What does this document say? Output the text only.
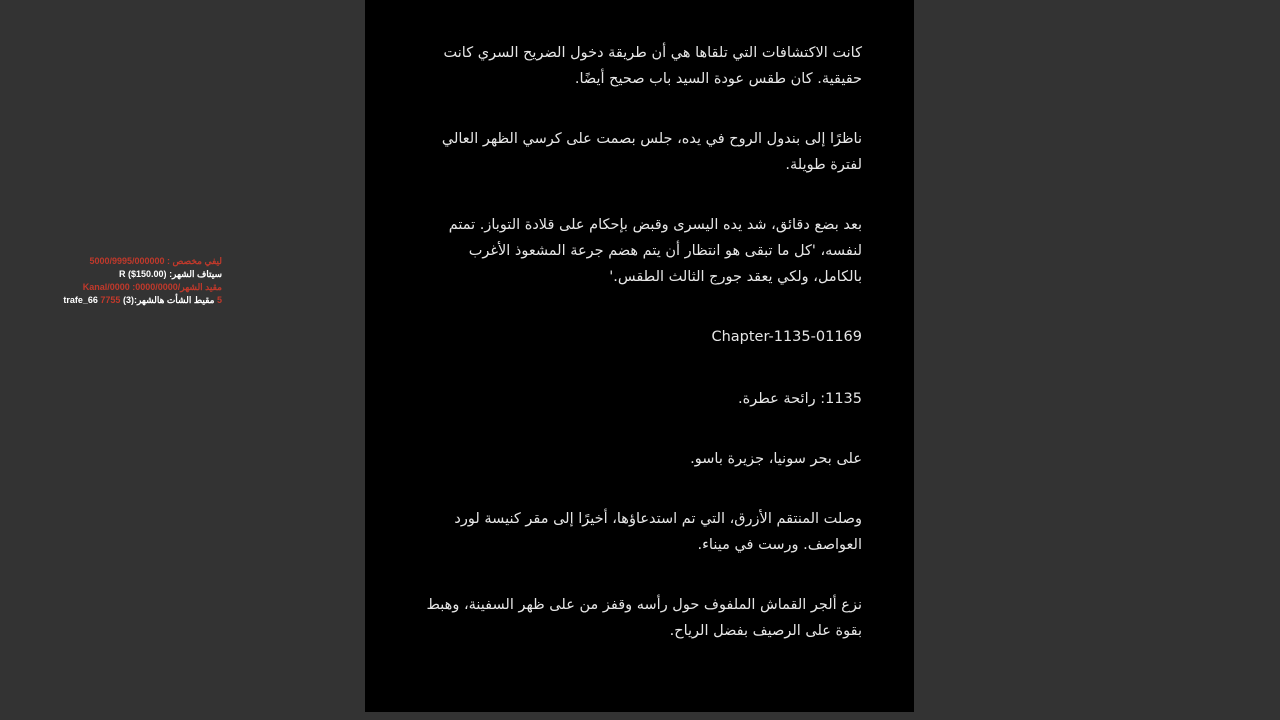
ليفي مخصص : 5000/9995/000000
سيتاف الشهر: R ($150.00)
مقيد الشهر/0000/0000: Kanal/0000
5 مقيط الشأت هالشهر:(3) trafe_66 7755

كانت الاكتشافات التي تلقاها هي أن طريقة دخول الضريح السري كانت حقيقية. كان طقس عودة السيد باب صحيح أيضًا.

ناظرًا إلى بندول الروح في يده، جلس بصمت على كرسي الظهر العالي لفترة طويلة.

بعد بضع دقائق، شد يده اليسرى وقبض بإحكام على قلادة التوباز. تمتم لنفسه، 'كل ما تبقى هو انتظار أن يتم هضم جرعة المشعوذ الأغرب بالكامل، ولكي يعقد جورج الثالث الطقس.'

Chapter-1135-01169

1135: رائحة عطرة.

على بحر سونيا، جزيرة باسو.

وصلت المنتقم الأزرق، التي تم استدعاؤها، أخيرًا إلى مقر كنيسة لورد العواصف. ورست في ميناء.

نزع ألجر القماش الملفوف حول رأسه وقفز من على ظهر السفينة، وهبط بقوة على الرصيف بفضل الرياح.
